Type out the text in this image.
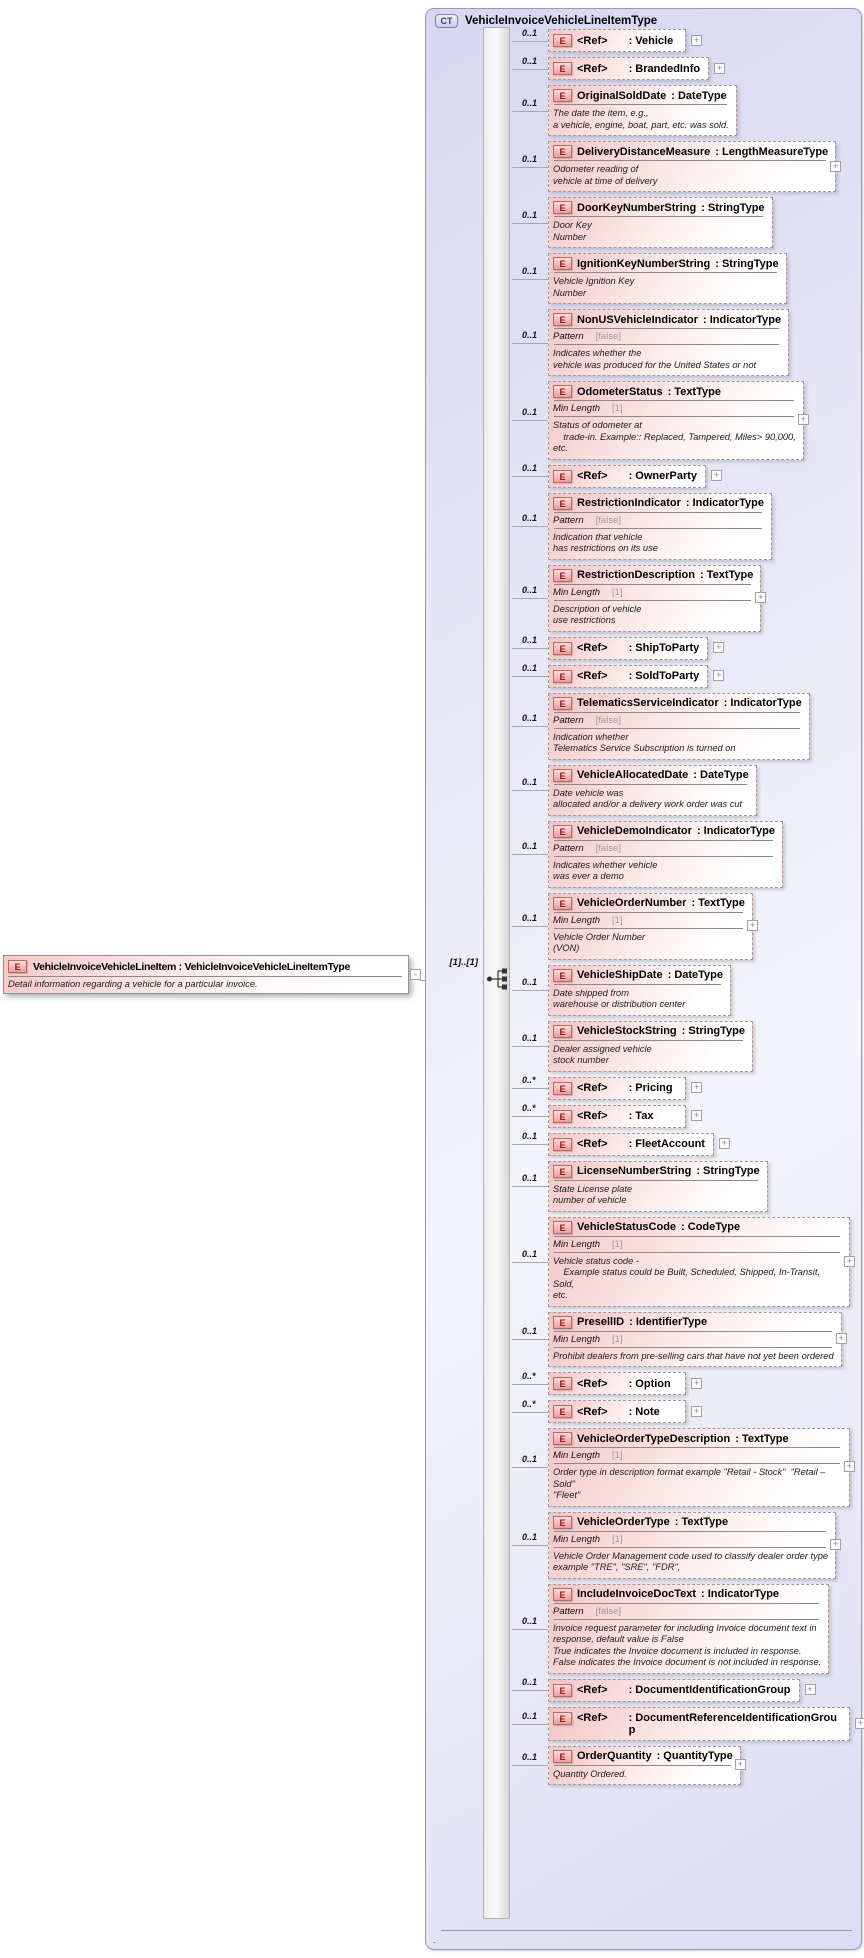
E	VehicleInvoiceVehicleLineItem : VehicleInvoiceVehicleLineItemType
Detail information regarding a vehicle for a particular invoice.
-
CT	VehicleInvoiceVehicleLineItemType
[1]..[1]
0..1
E	<Ref> : Vehicle	+
0..1
E	<Ref> : BrandedInfo	+
0..1
E	OriginalSoldDate : DateType
The date the item, e.g.,
a vehicle, engine, boat, part, etc. was sold.
0..1
E	DeliveryDistanceMeasure : LengthMeasureType
Odometer reading of
vehicle at time of delivery
+
0..1
E	DoorKeyNumberString : StringType
Door Key
Number
0..1
E	IgnitionKeyNumberString : StringType
Vehicle Ignition Key
Number
0..1
E	NonUSVehicleIndicator : IndicatorType
Pattern [false]
Indicates whether the
vehicle was produced for the United States or not
0..1
E	OdometerStatus : TextType
Min Length [1]
Status of odometer at
trade-in. Example:: Replaced, Tampered, Miles> 90,000,
etc.
+
0..1
E	<Ref> : OwnerParty	+
0..1
E	RestrictionIndicator : IndicatorType
Pattern [false]
Indication that vehicle
has restrictions on its use
0..1
E	RestrictionDescription : TextType
Min Length [1]
Description of vehicle
use restrictions
+
0..1
E	<Ref> : ShipToParty	+
0..1
E	<Ref> : SoldToParty	+
0..1
E	TelematicsServiceIndicator : IndicatorType
Pattern [false]
Indication whether
Telematics Service Subscription is turned on
0..1
E	VehicleAllocatedDate : DateType
Date vehicle was
allocated and/or a delivery work order was cut
0..1
E	VehicleDemoIndicator : IndicatorType
Pattern [false]
Indicates whether vehicle
was ever a demo
0..1
E	VehicleOrderNumber : TextType
Min Length [1]
Vehicle Order Number
(VON)
+
0..1
E	VehicleShipDate : DateType
Date shipped from
warehouse or distribution center
0..1
E	VehicleStockString : StringType
Dealer assigned vehicle
stock number
0..*
E	<Ref> : Pricing	+
0..*
E	<Ref> : Tax	+
0..1
E	<Ref> : FleetAccount	+
0..1
E	LicenseNumberString : StringType
State License plate
number of vehicle
0..1
E	VehicleStatusCode : CodeType
Min Length [1]
Vehicle status code -
Example status could be Built, Scheduled, Shipped, In-Transit, Sold,
etc.
+
0..1
E	PresellID : IdentifierType
Min Length [1]
Prohibit dealers from pre-selling cars that have not yet been ordered
+
0..*
E	<Ref> : Option	+
0..*
E	<Ref> : Note	+
0..1
E	VehicleOrderTypeDescription : TextType
Min Length [1]
Order type in description format example "Retail - Stock"  "Retail – Sold"
"Fleet"
+
0..1
E	VehicleOrderType : TextType
Min Length [1]
Vehicle Order Management code used to classify dealer order type
example "TRE", "SRE", "FDR",
+
0..1
E	IncludeInvoiceDocText : IndicatorType
Pattern [false]
Invoice request parameter for including Invoice document text in
response, default value is False
True indicates the Invoice document is included in response.
False indicates the Invoice document is not included in response.
0..1
E	<Ref> : DocumentIdentificationGroup	+
0..1	E	<Ref> : DocumentReferenceIdentificationGroup
+
0..1	E	OrderQuantity : QuantityType
Quantity Ordered.
+
.
